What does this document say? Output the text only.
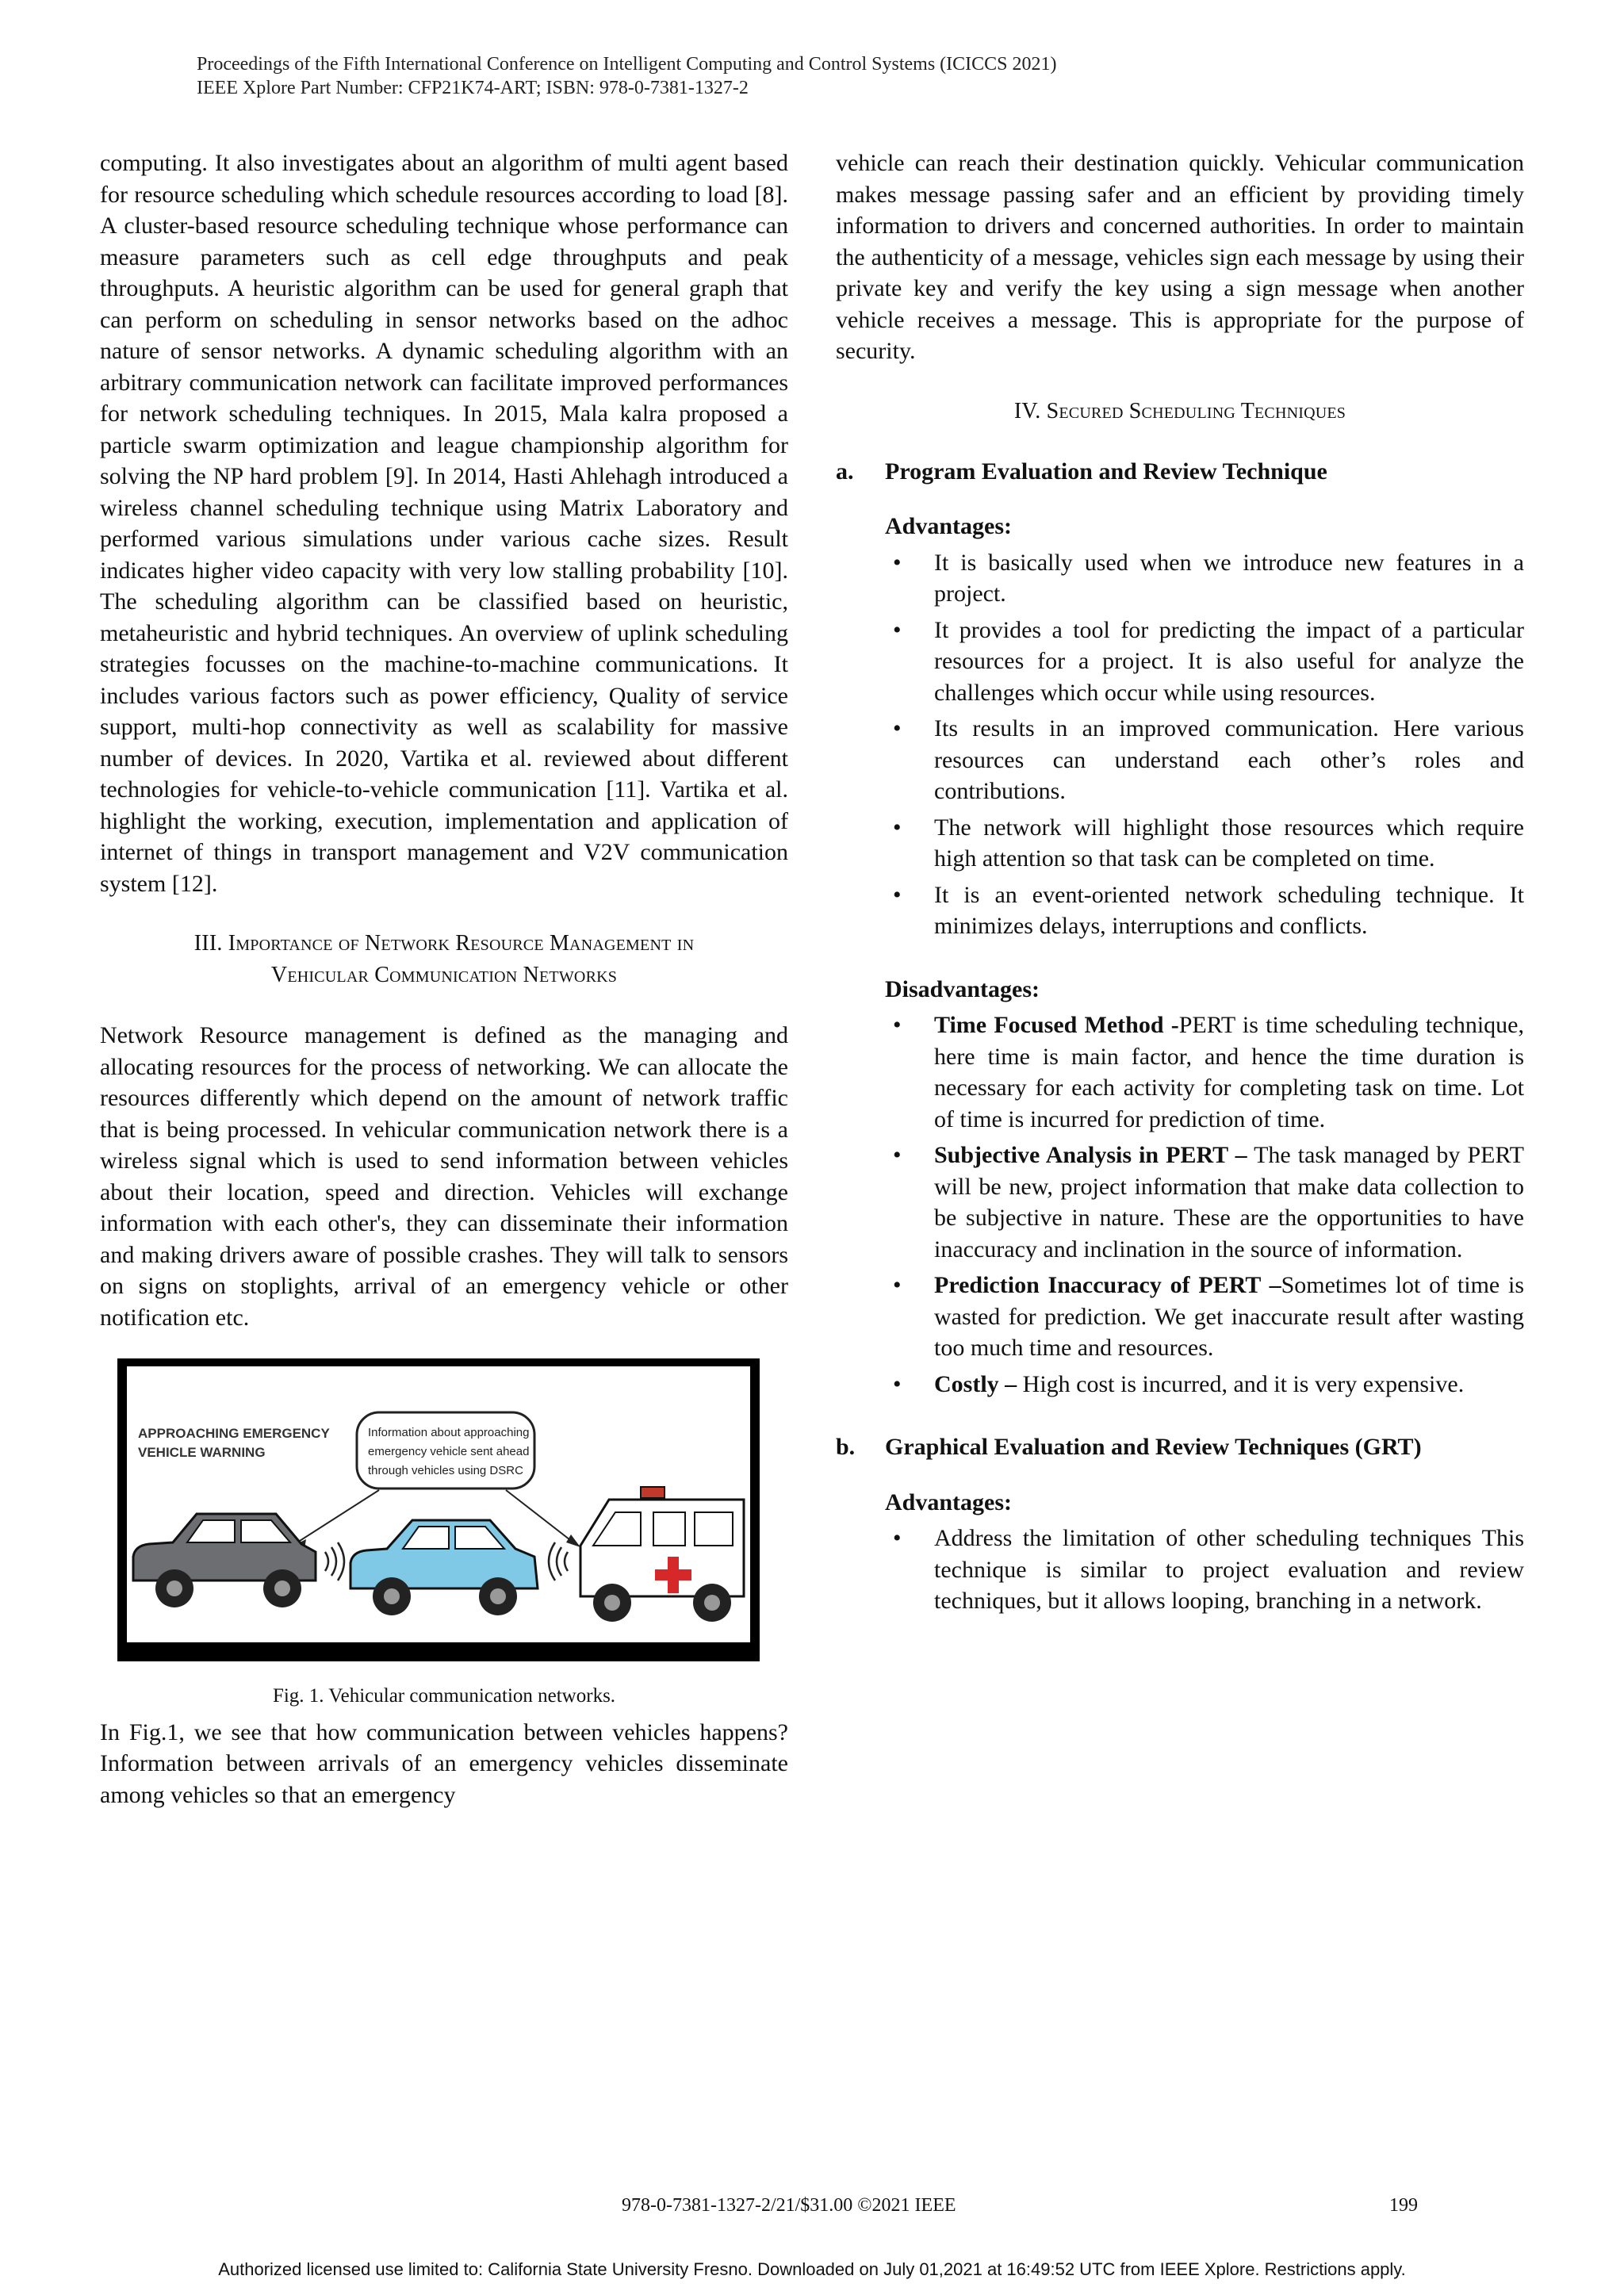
Proceedings of the Fifth International Conference on Intelligent Computing and Control Systems (ICICCS 2021)
IEEE Xplore Part Number: CFP21K74-ART; ISBN: 978-0-7381-1327-2

computing. It also investigates about an algorithm of multi agent based for resource scheduling which schedule resources according to load [8]. A cluster-based resource scheduling technique whose performance can measure parameters such as cell edge throughputs and peak throughputs. A heuristic algorithm can be used for general graph that can perform on scheduling in sensor networks based on the adhoc nature of sensor networks. A dynamic scheduling algorithm with an arbitrary communication network can facilitate improved performances for network scheduling techniques. In 2015, Mala kalra proposed a particle swarm optimization and league championship algorithm for solving the NP hard problem [9]. In 2014, Hasti Ahlehagh introduced a wireless channel scheduling technique using Matrix Laboratory and performed various simulations under various cache sizes. Result indicates higher video capacity with very low stalling probability [10]. The scheduling algorithm can be classified based on heuristic, metaheuristic and hybrid techniques. An overview of uplink scheduling strategies focusses on the machine-to-machine communications. It includes various factors such as power efficiency, Quality of service support, multi-hop connectivity as well as scalability for massive number of devices. In 2020, Vartika et al. reviewed about different technologies for vehicle-to-vehicle communication [11]. Vartika et al. highlight the working, execution, implementation and application of internet of things in transport management and V2V communication system [12].

III. Importance of Network Resource Management in
Vehicular Communication Networks

Network Resource management is defined as the managing and allocating resources for the process of networking. We can allocate the resources differently which depend on the amount of network traffic that is being processed. In vehicular communication network there is a wireless signal which is used to send information between vehicles about their location, speed and direction. Vehicles will exchange information with each other's, they can disseminate their information and making drivers aware of possible crashes. They will talk to sensors on signs on stoplights, arrival of an emergency vehicle or other notification etc.

APPROACHING EMERGENCY
VEHICLE WARNING
Information about approaching
emergency vehicle sent ahead
through vehicles using DSRC
Fig. 1. Vehicular communication networks.

In Fig.1, we see that how communication between vehicles happens? Information between arrivals of an emergency vehicles disseminate among vehicles so that an emergency

vehicle can reach their destination quickly. Vehicular communication makes message passing safer and an efficient by providing timely information to drivers and concerned authorities. In order to maintain the authenticity of a message, vehicles sign each message by using their private key and verify the key using a sign message when another vehicle receives a message. This is appropriate for the purpose of security.

IV. Secured Scheduling Techniques
a.	Program Evaluation and Review Technique
Advantages:
• It is basically used when we introduce new features in a project.
• It provides a tool for predicting the impact of a particular resources for a project. It is also useful for analyze the challenges which occur while using resources.
• Its results in an improved communication. Here various resources can understand each other’s roles and contributions.
• The network will highlight those resources which require high attention so that task can be completed on time.
• It is an event-oriented network scheduling technique. It minimizes delays, interruptions and conflicts.
Disadvantages:
• Time Focused Method -PERT is time scheduling technique, here time is main factor, and hence the time duration is necessary for each activity for completing task on time. Lot of time is incurred for prediction of time.
• Subjective Analysis in PERT – The task managed by PERT will be new, project information that make data collection to be subjective in nature. These are the opportunities to have inaccuracy and inclination in the source of information.
• Prediction Inaccuracy of PERT –Sometimes lot of time is wasted for prediction. We get inaccurate result after wasting too much time and resources.
• Costly – High cost is incurred, and it is very expensive.
b.	Graphical Evaluation and Review Techniques (GRT)
Advantages:
• Address the limitation of other scheduling techniques This technique is similar to project evaluation and review techniques, but it allows looping, branching in a network.
978-0-7381-1327-2/21/$31.00 ©2021 IEEE	199
Authorized licensed use limited to: California State University Fresno. Downloaded on July 01,2021 at 16:49:52 UTC from IEEE Xplore. Restrictions apply.
